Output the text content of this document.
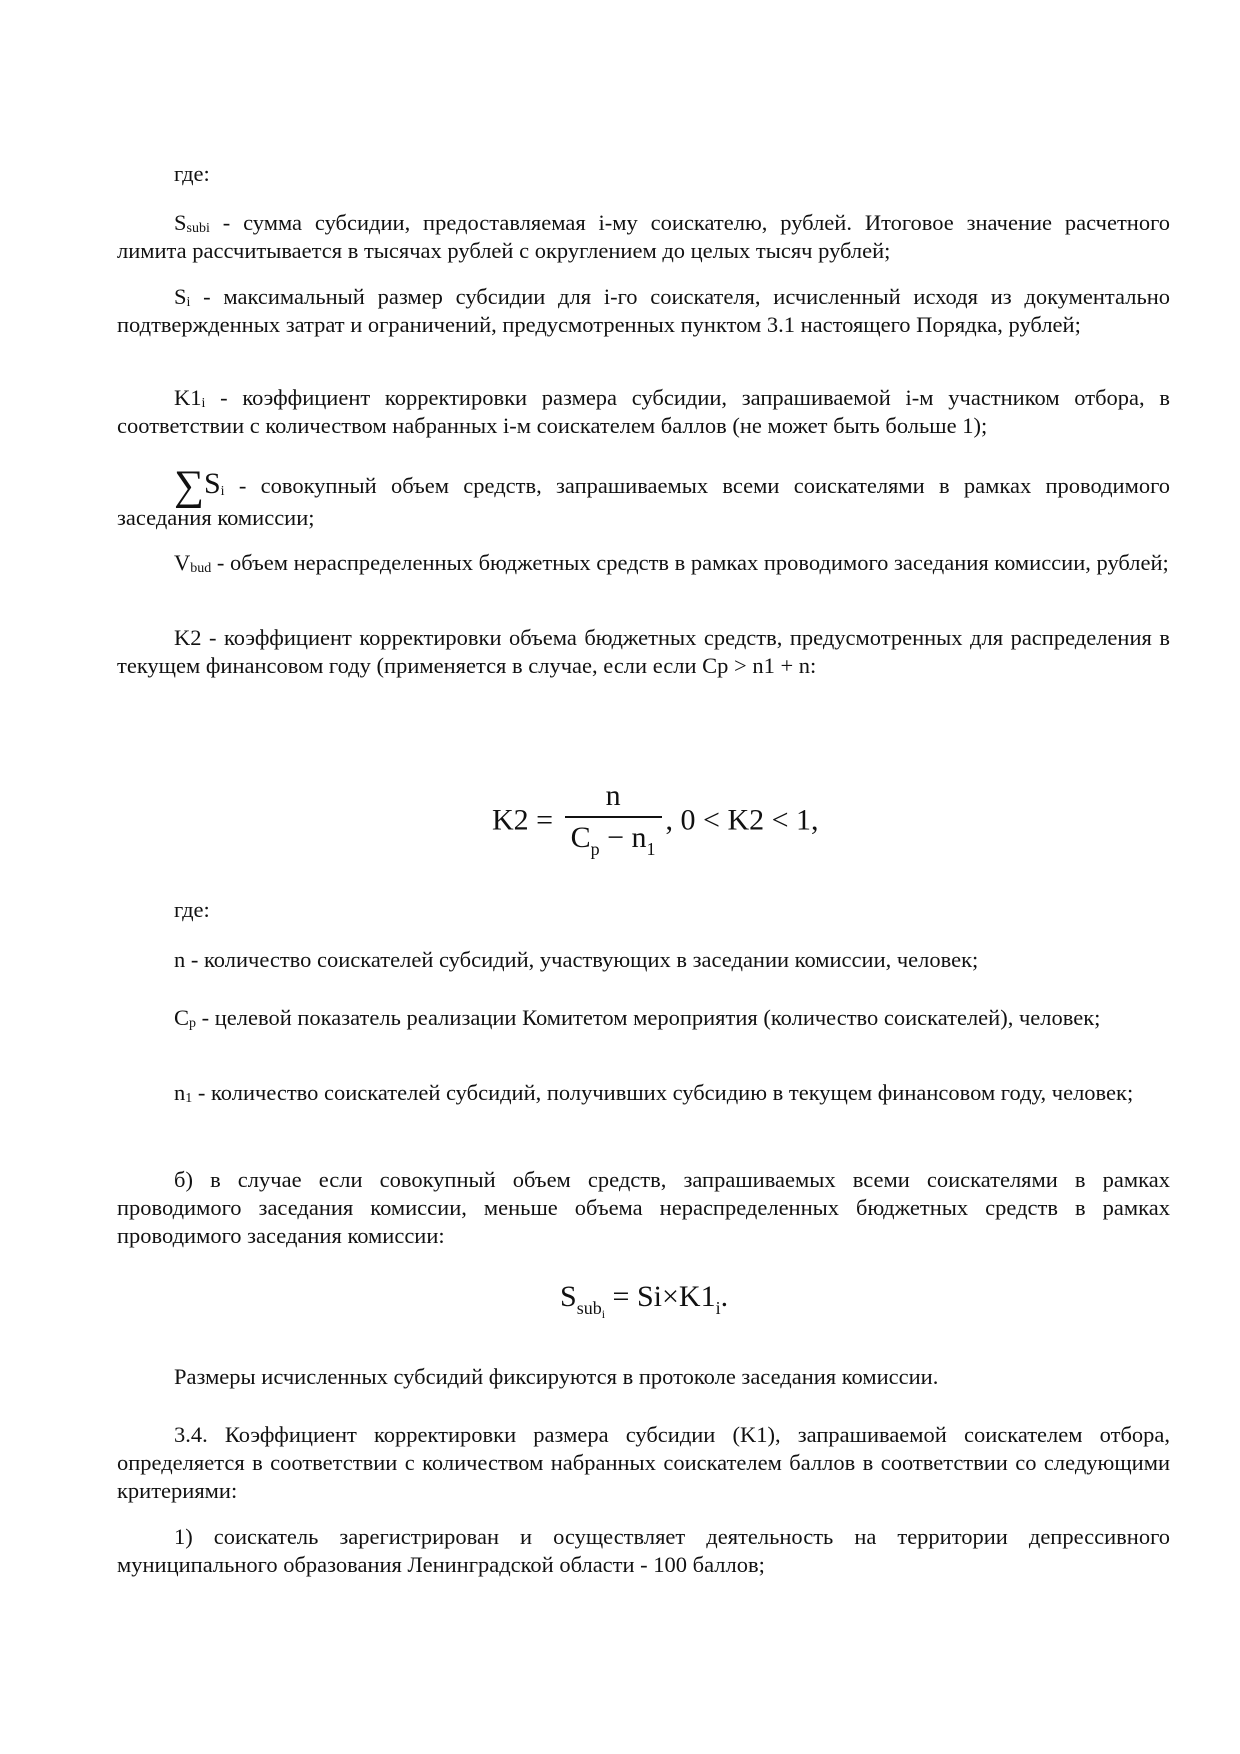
где:

$S_{subi}$ - сумма субсидии, предоставляемая i-му соискателю, рублей. Итоговое значение расчетного лимита рассчитывается в тысячах рублей с округлением до целых тысяч рублей;

$S_i$ - максимальный размер субсидии для i-го соискателя, исчисленный исходя из документально подтвержденных затрат и ограничений, предусмотренных пунктом 3.1 настоящего Порядка, рублей;

$K1_i$ - коэффициент корректировки размера субсидии, запрашиваемой i-м участником отбора, в соответствии с количеством набранных i-м соискателем баллов (не может быть больше 1);

$\sum S_i$ - совокупный объем средств, запрашиваемых всеми соискателями в рамках проводимого заседания комиссии;

$V_{bud}$ - объем нераспределенных бюджетных средств в рамках проводимого заседания комиссии, рублей;

K2 - коэффициент корректировки объема бюджетных средств, предусмотренных для распределения в текущем финансовом году (применяется в случае, если если Cp > n1 + n:

$K2 = \frac{n}{C_p - n_1}$ , 0 < K2 < 1,

где:

n - количество соискателей субсидий, участвующих в заседании комиссии, человек;

$C_p$ - целевой показатель реализации Комитетом мероприятия (количество соискателей), человек;

$n_1$ - количество соискателей субсидий, получивших субсидию в текущем финансовом году, человек;

б) в случае если совокупный объем средств, запрашиваемых всеми соискателями в рамках проводимого заседания комиссии, меньше объема нераспределенных бюджетных средств в рамках проводимого заседания комиссии:

$S_{subi} = Si\times K1_i$.

Размеры исчисленных субсидий фиксируются в протоколе заседания комиссии.

3.4. Коэффициент корректировки размера субсидии (K1), запрашиваемой соискателем отбора, определяется в соответствии с количеством набранных соискателем баллов в соответствии со следующими критериями:

1) соискатель зарегистрирован и осуществляет деятельность на территории депрессивного муниципального образования Ленинградской области - 100 баллов;
